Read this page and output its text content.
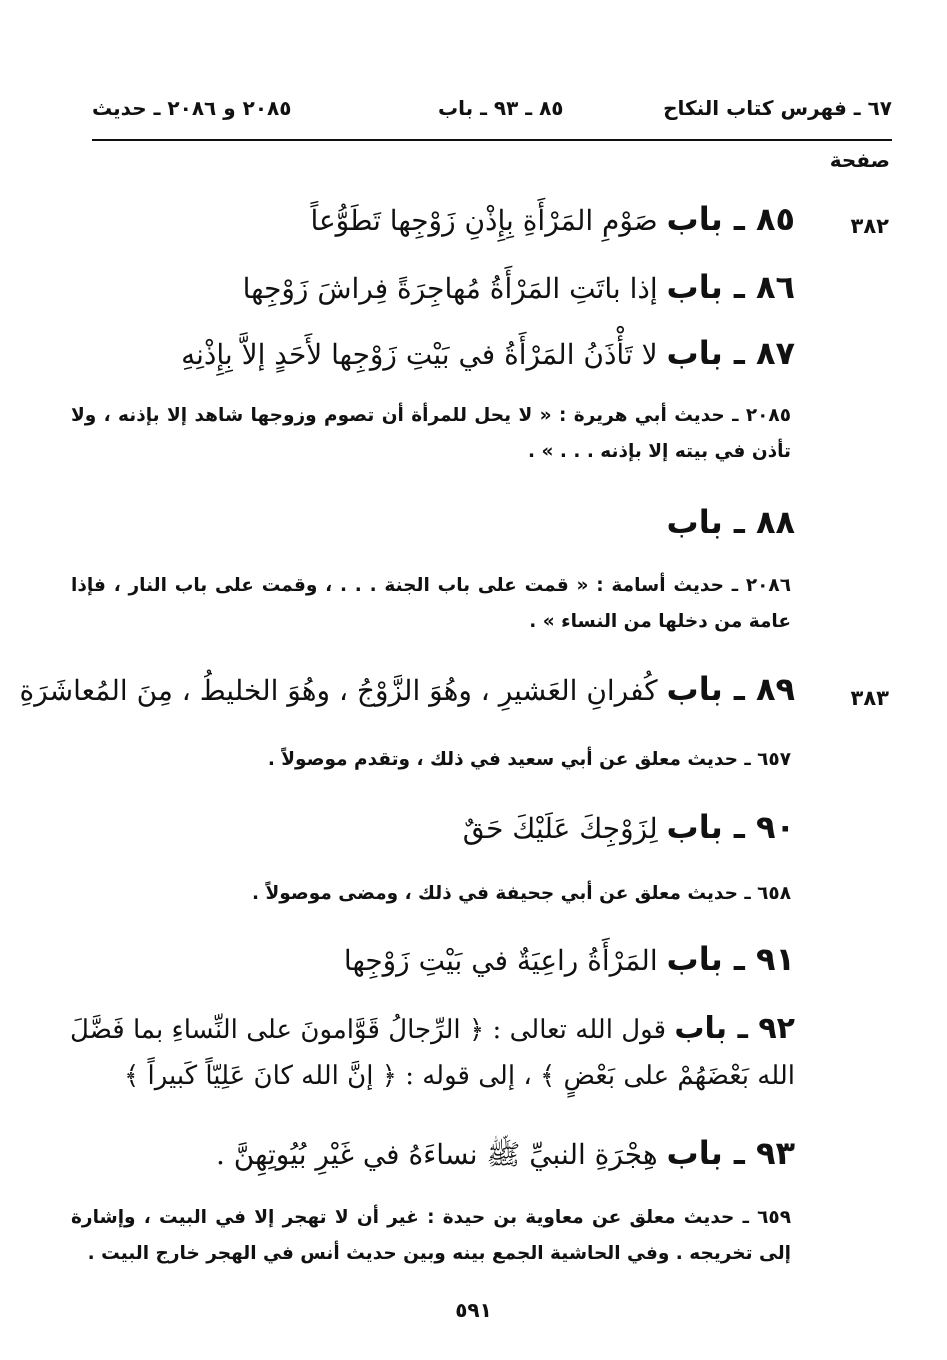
٦٧ ـ فهرس كتاب النكاح
٨٥ ـ ٩٣ ـ باب
٢٠٨٥ و ٢٠٨٦ ـ حديث
صفحة
٣٨٢
٨٥ ـ باب صَوْمِ المَرْأَةِ بِإِذْنِ زَوْجِها تَطَوُّعاً
٨٦ ـ باب إذا باتَتِ المَرْأَةُ مُهاجِرَةً فِراشَ زَوْجِها
٨٧ ـ باب لا تَأْذَنُ المَرْأَةُ في بَيْتِ زَوْجِها لأَحَدٍ إلاَّ بِإِذْنِهِ
٢٠٨٥ ـ حديث أبي هريرة : « لا يحل للمرأة أن تصوم وزوجها شاهد إلا بإذنه ، ولا تأذن في بيته إلا بإذنه . . . » .
٨٨ ـ باب
٢٠٨٦ ـ حديث أسامة : « قمت على باب الجنة . . . ، وقمت على باب النار ، فإذا عامة من دخلها من النساء » .
٣٨٣
٨٩ ـ باب كُفرانِ العَشيرِ ، وهُوَ الزَّوْجُ ، وهُوَ الخليطُ ، مِنَ المُعاشَرَةِ
٦٥٧ ـ حديث معلق عن أبي سعيد في ذلك ، وتقدم موصولاً .
٩٠ ـ باب لِزَوْجِكَ عَلَيْكَ حَقٌ
٦٥٨ ـ حديث معلق عن أبي جحيفة في ذلك ، ومضى موصولاً .
٩١ ـ باب المَرْأَةُ راعِيَةٌ في بَيْتِ زَوْجِها
٩٢ ـ باب قول الله تعالى : ﴿ الرِّجالُ قَوَّامونَ على النِّساءِ بما فَضَّلَ الله بَعْضَهُمْ على بَعْضٍ ﴾ ، إلى قوله : ﴿ إنَّ الله كانَ عَلِيّاً كَبيراً ﴾
٩٣ ـ باب هِجْرَةِ النبيِّ ﷺ نساءَهُ في غَيْرِ بُيُوتِهِنَّ .
٦٥٩ ـ حديث معلق عن معاوية بن حيدة : غير أن لا تهجر إلا في البيت ، وإشارة إلى تخريجه . وفي الحاشية الجمع بينه وبين حديث أنس في الهجر خارج البيت .
٥٩١
